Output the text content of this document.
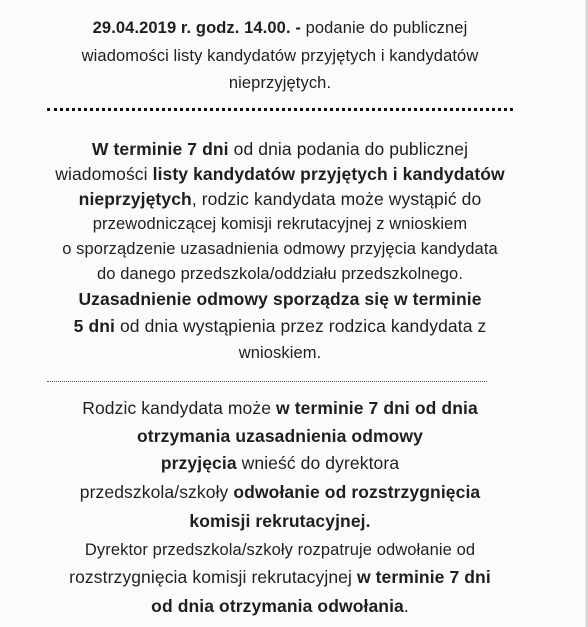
29.04.2019 r. godz. 14.00. - podanie do publicznej
wiadomości listy kandydatów przyjętych i kandydatów
nieprzyjętych.
W terminie 7 dni od dnia podania do publicznej
wiadomości listy kandydatów przyjętych i kandydatów
nieprzyjętych, rodzic kandydata może wystąpić do
przewodniczącej komisji rekrutacyjnej z wnioskiem
o sporządzenie uzasadnienia odmowy przyjęcia kandydata
do danego przedszkola/oddziału przedszkolnego.
Uzasadnienie odmowy sporządza się w terminie
5 dni od dnia wystąpienia przez rodzica kandydata z
wnioskiem.
Rodzic kandydata może w terminie 7 dni od dnia
otrzymania uzasadnienia odmowy
przyjęcia wnieść do dyrektora
przedszkola/szkoły odwołanie od rozstrzygnięcia
komisji rekrutacyjnej.
Dyrektor przedszkola/szkoły rozpatruje odwołanie od
rozstrzygnięcia komisji rekrutacyjnej w terminie 7 dni
od dnia otrzymania odwołania.
